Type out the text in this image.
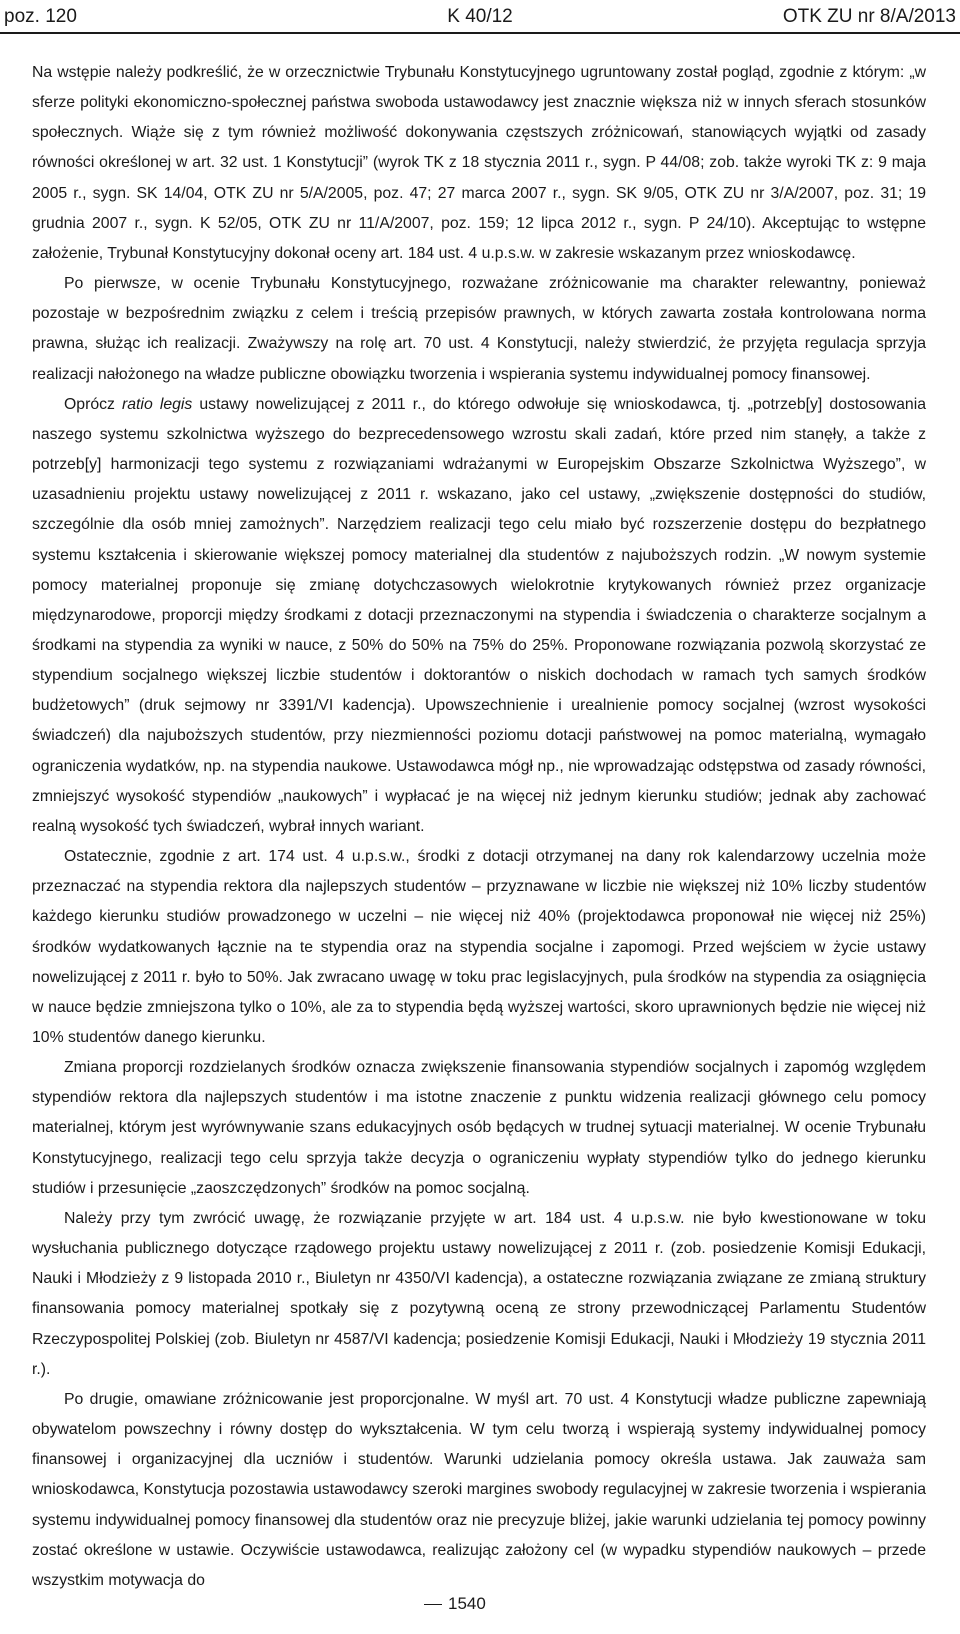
poz. 120	K 40/12	OTK ZU nr 8/A/2013

Na wstępie należy podkreślić, że w orzecznictwie Trybunału Konstytucyjnego ugruntowany został pogląd, zgodnie z którym: „w sferze polityki ekonomiczno-społecznej państwa swoboda ustawodawcy jest znacznie większa niż w innych sferach stosunków społecznych. Wiąże się z tym również możliwość dokonywania częstszych zróżnicowań, stanowiących wyjątki od zasady równości określonej w art. 32 ust. 1 Konstytucji” (wyrok TK z 18 stycznia 2011 r., sygn. P 44/08; zob. także wyroki TK z: 9 maja 2005 r., sygn. SK 14/04, OTK ZU nr 5/A/2005, poz. 47; 27 marca 2007 r., sygn. SK 9/05, OTK ZU nr 3/A/2007, poz. 31; 19 grudnia 2007 r., sygn. K 52/05, OTK ZU nr 11/A/2007, poz. 159; 12 lipca 2012 r., sygn. P 24/10). Akceptując to wstępne założenie, Trybunał Konstytucyjny dokonał oceny art. 184 ust. 4 u.p.s.w. w zakresie wskazanym przez wnioskodawcę.

Po pierwsze, w ocenie Trybunału Konstytucyjnego, rozważane zróżnicowanie ma charakter relewantny, ponieważ pozostaje w bezpośrednim związku z celem i treścią przepisów prawnych, w których zawarta została kontrolowana norma prawna, służąc ich realizacji. Zważywszy na rolę art. 70 ust. 4 Konstytucji, należy stwierdzić, że przyjęta regulacja sprzyja realizacji nałożonego na władze publiczne obowiązku tworzenia i wspierania systemu indywidualnej pomocy finansowej.

Oprócz ratio legis ustawy nowelizującej z 2011 r., do którego odwołuje się wnioskodawca, tj. „potrzeb[y] dostosowania naszego systemu szkolnictwa wyższego do bezprecedensowego wzrostu skali zadań, które przed nim stanęły, a także z potrzeb[y] harmonizacji tego systemu z rozwiązaniami wdrażanymi w Europejskim Obszarze Szkolnictwa Wyższego”, w uzasadnieniu projektu ustawy nowelizującej z 2011 r. wskazano, jako cel ustawy, „zwiększenie dostępności do studiów, szczególnie dla osób mniej zamożnych”. Narzędziem realizacji tego celu miało być rozszerzenie dostępu do bezpłatnego systemu kształcenia i skierowanie większej pomocy materialnej dla studentów z najuboższych rodzin. „W nowym systemie pomocy materialnej proponuje się zmianę dotychczasowych wielokrotnie krytykowanych również przez organizacje międzynarodowe, proporcji między środkami z dotacji przeznaczonymi na stypendia i świadczenia o charakterze socjalnym a środkami na stypendia za wyniki w nauce, z 50% do 50% na 75% do 25%. Proponowane rozwiązania pozwolą skorzystać ze stypendium socjalnego większej liczbie studentów i doktorantów o niskich dochodach w ramach tych samych środków budżetowych” (druk sejmowy nr 3391/VI kadencja). Upowszechnienie i urealnienie pomocy socjalnej (wzrost wysokości świadczeń) dla najuboższych studentów, przy niezmienności poziomu dotacji państwowej na pomoc materialną, wymagało ograniczenia wydatków, np. na stypendia naukowe. Ustawodawca mógł np., nie wprowadzając odstępstwa od zasady równości, zmniejszyć wysokość stypendiów „naukowych” i wypłacać je na więcej niż jednym kierunku studiów; jednak aby zachować realną wysokość tych świadczeń, wybrał innych wariant.

Ostatecznie, zgodnie z art. 174 ust. 4 u.p.s.w., środki z dotacji otrzymanej na dany rok kalendarzowy uczelnia może przeznaczać na stypendia rektora dla najlepszych studentów – przyznawane w liczbie nie większej niż 10% liczby studentów każdego kierunku studiów prowadzonego w uczelni – nie więcej niż 40% (projektodawca proponował nie więcej niż 25%) środków wydatkowanych łącznie na te stypendia oraz na stypendia socjalne i zapomogi. Przed wejściem w życie ustawy nowelizującej z 2011 r. było to 50%. Jak zwracano uwagę w toku prac legislacyjnych, pula środków na stypendia za osiągnięcia w nauce będzie zmniejszona tylko o 10%, ale za to stypendia będą wyższej wartości, skoro uprawnionych będzie nie więcej niż 10% studentów danego kierunku.

Zmiana proporcji rozdzielanych środków oznacza zwiększenie finansowania stypendiów socjalnych i zapomóg względem stypendiów rektora dla najlepszych studentów i ma istotne znaczenie z punktu widzenia realizacji głównego celu pomocy materialnej, którym jest wyrównywanie szans edukacyjnych osób będących w trudnej sytuacji materialnej. W ocenie Trybunału Konstytucyjnego, realizacji tego celu sprzyja także decyzja o ograniczeniu wypłaty stypendiów tylko do jednego kierunku studiów i przesunięcie „zaoszczędzonych” środków na pomoc socjalną.

Należy przy tym zwrócić uwagę, że rozwiązanie przyjęte w art. 184 ust. 4 u.p.s.w. nie było kwestionowane w toku wysłuchania publicznego dotyczące rządowego projektu ustawy nowelizującej z 2011 r. (zob. posiedzenie Komisji Edukacji, Nauki i Młodzieży z 9 listopada 2010 r., Biuletyn nr 4350/VI kadencja), a ostateczne rozwiązania związane ze zmianą struktury finansowania pomocy materialnej spotkały się z pozytywną oceną ze strony przewodniczącej Parlamentu Studentów Rzeczypospolitej Polskiej (zob. Biuletyn nr 4587/VI kadencja; posiedzenie Komisji Edukacji, Nauki i Młodzieży 19 stycznia 2011 r.).

Po drugie, omawiane zróżnicowanie jest proporcjonalne. W myśl art. 70 ust. 4 Konstytucji władze publiczne zapewniają obywatelom powszechny i równy dostęp do wykształcenia. W tym celu tworzą i wspierają systemy indywidualnej pomocy finansowej i organizacyjnej dla uczniów i studentów. Warunki udzielania pomocy określa ustawa. Jak zauważa sam wnioskodawca, Konstytucja pozostawia ustawodawcy szeroki margines swobody regulacyjnej w zakresie tworzenia i wspierania systemu indywidualnej pomocy finansowej dla studentów oraz nie precyzuje bliżej, jakie warunki udzielania tej pomocy powinny zostać określone w ustawie. Oczywiście ustawodawca, realizując założony cel (w wypadku stypendiów naukowych – przede wszystkim motywacja do

1540
